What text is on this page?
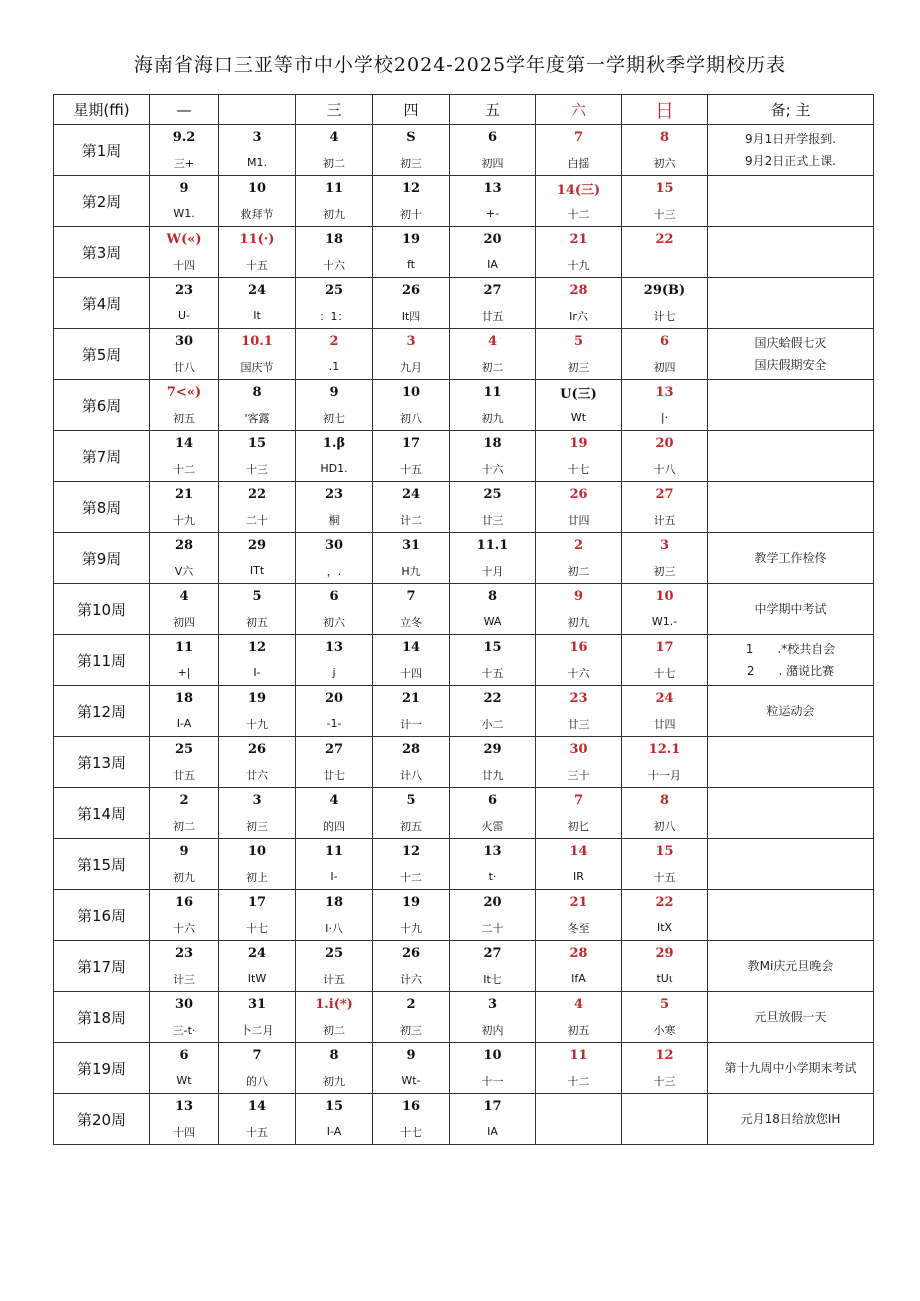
海南省海口三亚等市中小学校2024-2025学年度第一学期秋季学期校历表
星期(ffi)	—		三	四	五	六	日	备; 主
第1周	9.2	3	4	S	6	7	8	9月1日开学报到.
9月2日正式上课.

	三+	M1.	初二	初三	初四	白揺	初六	
第2周	9	10	11	12	13	14(三)	15	
	W1.	救拜节	初九	初十	+-	十二	十三	
第3周	W(«)	11(·)	18	19	20	21	22	
	十四	十五	十六	ft	IA	十九		
第4周	23	24	25	26	27	28	29(B)	
	U-	It	：1：	It四	廿五	Ir六	计七	
第5周	30	10.1	2	3	4	5	6	国庆蛤假七灭
国庆假期安全

	廿八	国庆节	.1	九月	初二	初三	初四	
第6周	7<«)	8	9	10	11	U(三)	13	
	初五	'客露	初七	初八	初九	Wt	|·	
第7周	14	15	1.β	17	18	19	20	
	十二	十三	HD1.	十五	十六	十七	十八	
第8周	21	22	23	24	25	26	27	
	十九	二十	桐	计二	廿三	廿四	计五	
第9周	28	29	30	31	11.1	2	3	教学工作检佟

	V六	ITt	，.	H九	十月	初二	初三	
第10周	4	5	6	7	8	9	10	中学期中考试

	初四	初五	初六	立冬	WA	初九	W1.-	
第11周	11	12	13	14	15	16	17	1　　.*校共自会
2　　. 潴说比赛

	+|	I-	j	十四	十五	十六	十七	
第12周	18	19	20	21	22	23	24	粒运动会

	I-A	十九	-1-	计一	小二	廿三	廿四	
第13周	25	26	27	28	29	30	12.1	
	廿五	廿六	廿七	计八	廿九	三十	十一月	
第14周	2	3	4	5	6	7	8	
	初二	初三	的四	初五	火雷	初匕	初八	
第15周	9	10	11	12	13	14	15	
	初九	初上	I-	十二	t·	IR	十五	
第16周	16	17	18	19	20	21	22	
	十六	十七	I·八	十九	二十	冬至	ItX	
第17周	23	24	25	26	27	28	29	教Mi庆元旦晚会

	计三	ItW	计五	计六	It七	IfA	tUι	
第18周	30	31	1.i(*)	2	3	4	5	元旦放假一天

	三-t·	卜二月	初二	初三	初内	初五	小寒	
第19周	6	7	8	9	10	11	12	第十九周中小学期末考试

	Wt	的八	初九	Wt-	十一	十二	十三	
第20周	13	14	15	16	17			元月18日给放您IH

	十四	十五	I-A	十七	IA			
